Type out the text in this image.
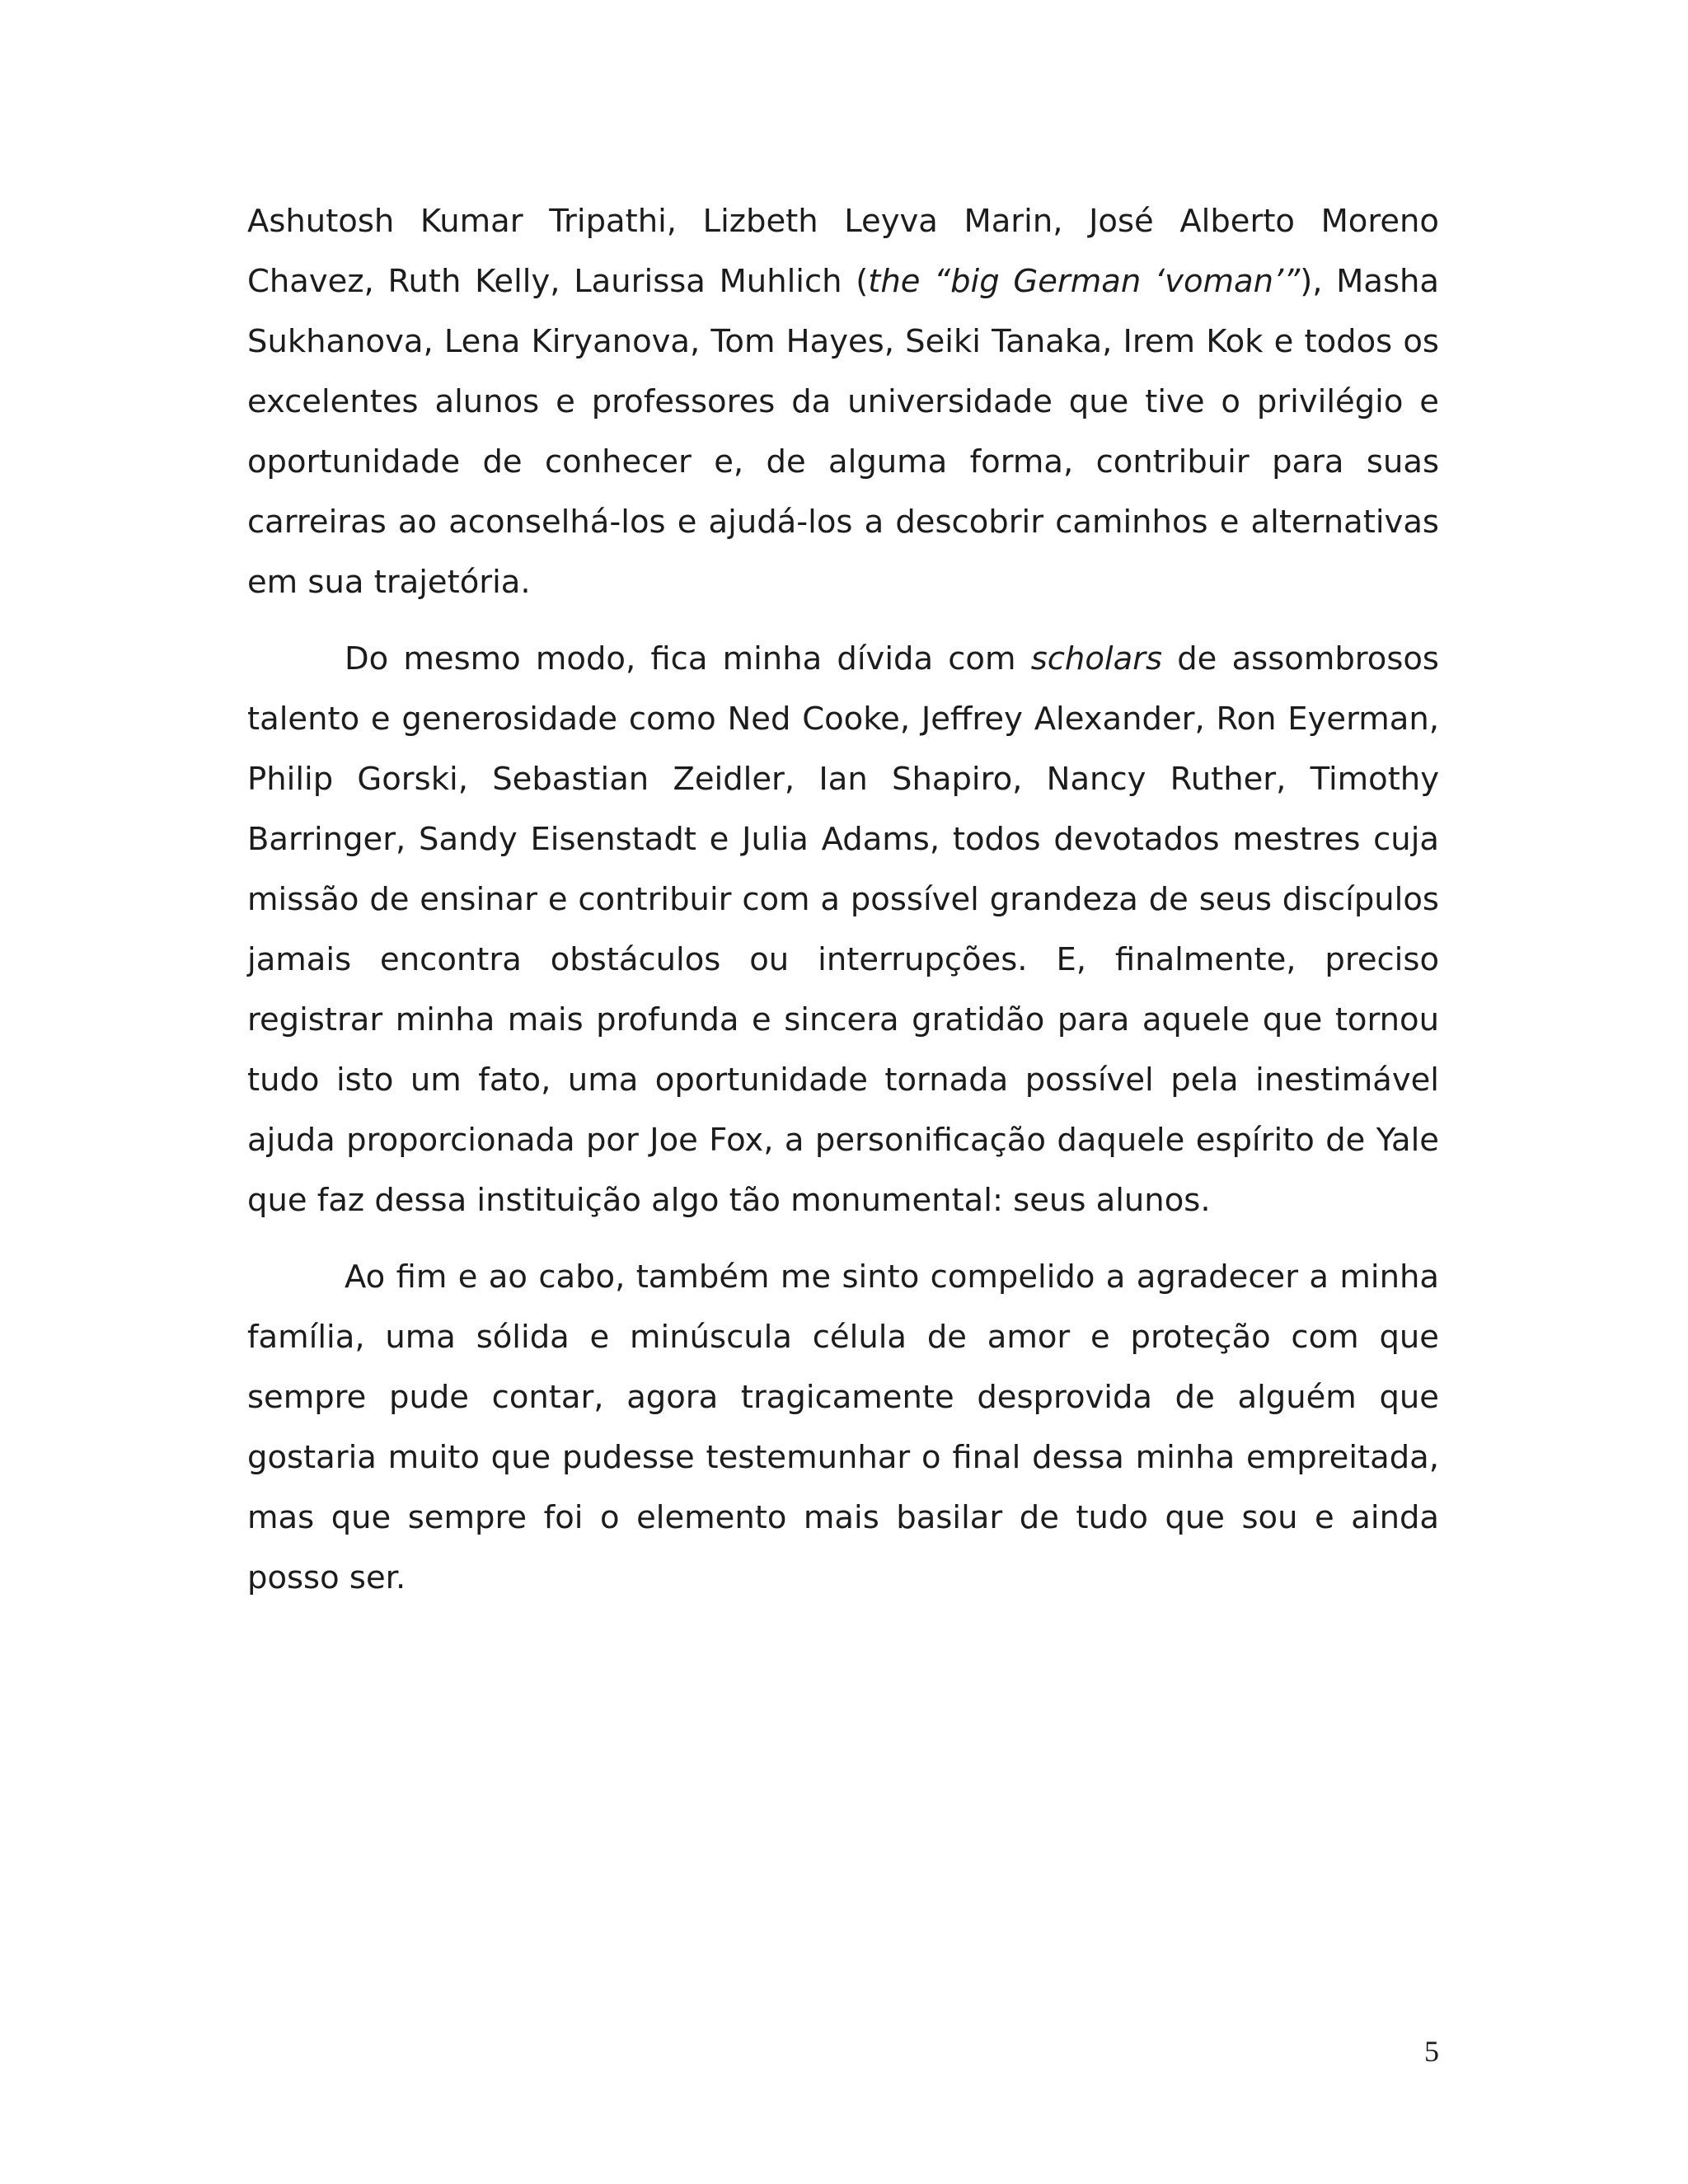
Ashutosh Kumar Tripathi, Lizbeth Leyva Marin, José Alberto Moreno Chavez, Ruth Kelly, Laurissa Muhlich (the “big German ‘voman’”), Masha Sukhanova, Lena Kiryanova, Tom Hayes, Seiki Tanaka, Irem Kok e todos os excelentes alunos e professores da universidade que tive o privilégio e oportunidade de conhecer e, de alguma forma, contribuir para suas carreiras ao aconselhá-los e ajudá-los a descobrir caminhos e alternativas em sua trajetória.

Do mesmo modo, fica minha dívida com scholars de assombrosos talento e generosidade como Ned Cooke, Jeffrey Alexander, Ron Eyerman, Philip Gorski, Sebastian Zeidler, Ian Shapiro, Nancy Ruther, Timothy Barringer, Sandy Eisenstadt e Julia Adams, todos devotados mestres cuja missão de ensinar e contribuir com a possível grandeza de seus discípulos jamais encontra obstáculos ou interrupções. E, finalmente, preciso registrar minha mais profunda e sincera gratidão para aquele que tornou tudo isto um fato, uma oportunidade tornada possível pela inestimável ajuda proporcionada por Joe Fox, a personificação daquele espírito de Yale que faz dessa instituição algo tão monumental: seus alunos.

Ao fim e ao cabo, também me sinto compelido a agradecer a minha família, uma sólida e minúscula célula de amor e proteção com que sempre pude contar, agora tragicamente desprovida de alguém que gostaria muito que pudesse testemunhar o final dessa minha empreitada, mas que sempre foi o elemento mais basilar de tudo que sou e ainda posso ser.

5
